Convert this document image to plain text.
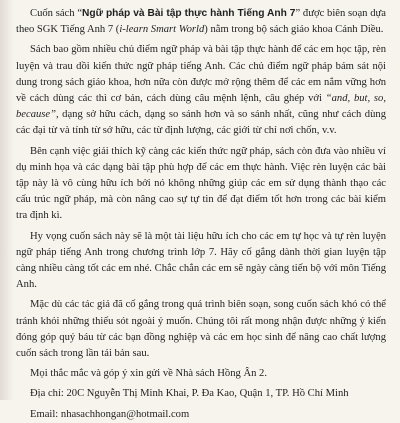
Cuốn sách “Ngữ pháp và Bài tập thực hành Tiếng Anh 7” được biên soạn dựa theo SGK Tiếng Anh 7 (i-learn Smart World) nằm trong bộ sách giáo khoa Cánh Diều.

Sách bao gồm nhiều chủ điểm ngữ pháp và bài tập thực hành để các em học tập, rèn luyện và trau dồi kiến thức ngữ pháp tiếng Anh. Các chủ điểm ngữ pháp bám sát nội dung trong sách giáo khoa, hơn nữa còn được mở rộng thêm để các em nắm vững hơn về cách dùng các thì cơ bản, cách dùng câu mệnh lệnh, câu ghép với “and, but, so, because”, dạng sở hữu cách, dạng so sánh hơn và so sánh nhất, cũng như cách dùng các đại từ và tính từ sở hữu, các từ định lượng, các giới từ chỉ nơi chốn, v.v.

Bên cạnh việc giải thích kỹ càng các kiến thức ngữ pháp, sách còn đưa vào nhiều ví dụ minh họa và các dạng bài tập phù hợp để các em thực hành. Việc rèn luyện các bài tập này là vô cùng hữu ích bởi nó không những giúp các em sử dụng thành thạo các cấu trúc ngữ pháp, mà còn nâng cao sự tự tin để đạt điểm tốt hơn trong các bài kiểm tra định kì.

Hy vọng cuốn sách này sẽ là một tài liệu hữu ích cho các em tự học và tự rèn luyện ngữ pháp tiếng Anh trong chương trình lớp 7. Hãy cố gắng dành thời gian luyện tập càng nhiều càng tốt các em nhé. Chắc chắn các em sẽ ngày càng tiến bộ với môn Tiếng Anh.

Mặc dù các tác giả đã cố gắng trong quá trình biên soạn, song cuốn sách khó có thể tránh khỏi những thiếu sót ngoài ý muốn. Chúng tôi rất mong nhận được những ý kiến đóng góp quý báu từ các bạn đồng nghiệp và các em học sinh để nâng cao chất lượng cuốn sách trong lần tái bản sau.

Mọi thắc mắc và góp ý xin gửi về Nhà sách Hồng Ân 2.

Địa chỉ: 20C Nguyễn Thị Minh Khai, P. Đa Kao, Quận 1, TP. Hồ Chí Minh

Email: nhasachhongan@hotmail.com
